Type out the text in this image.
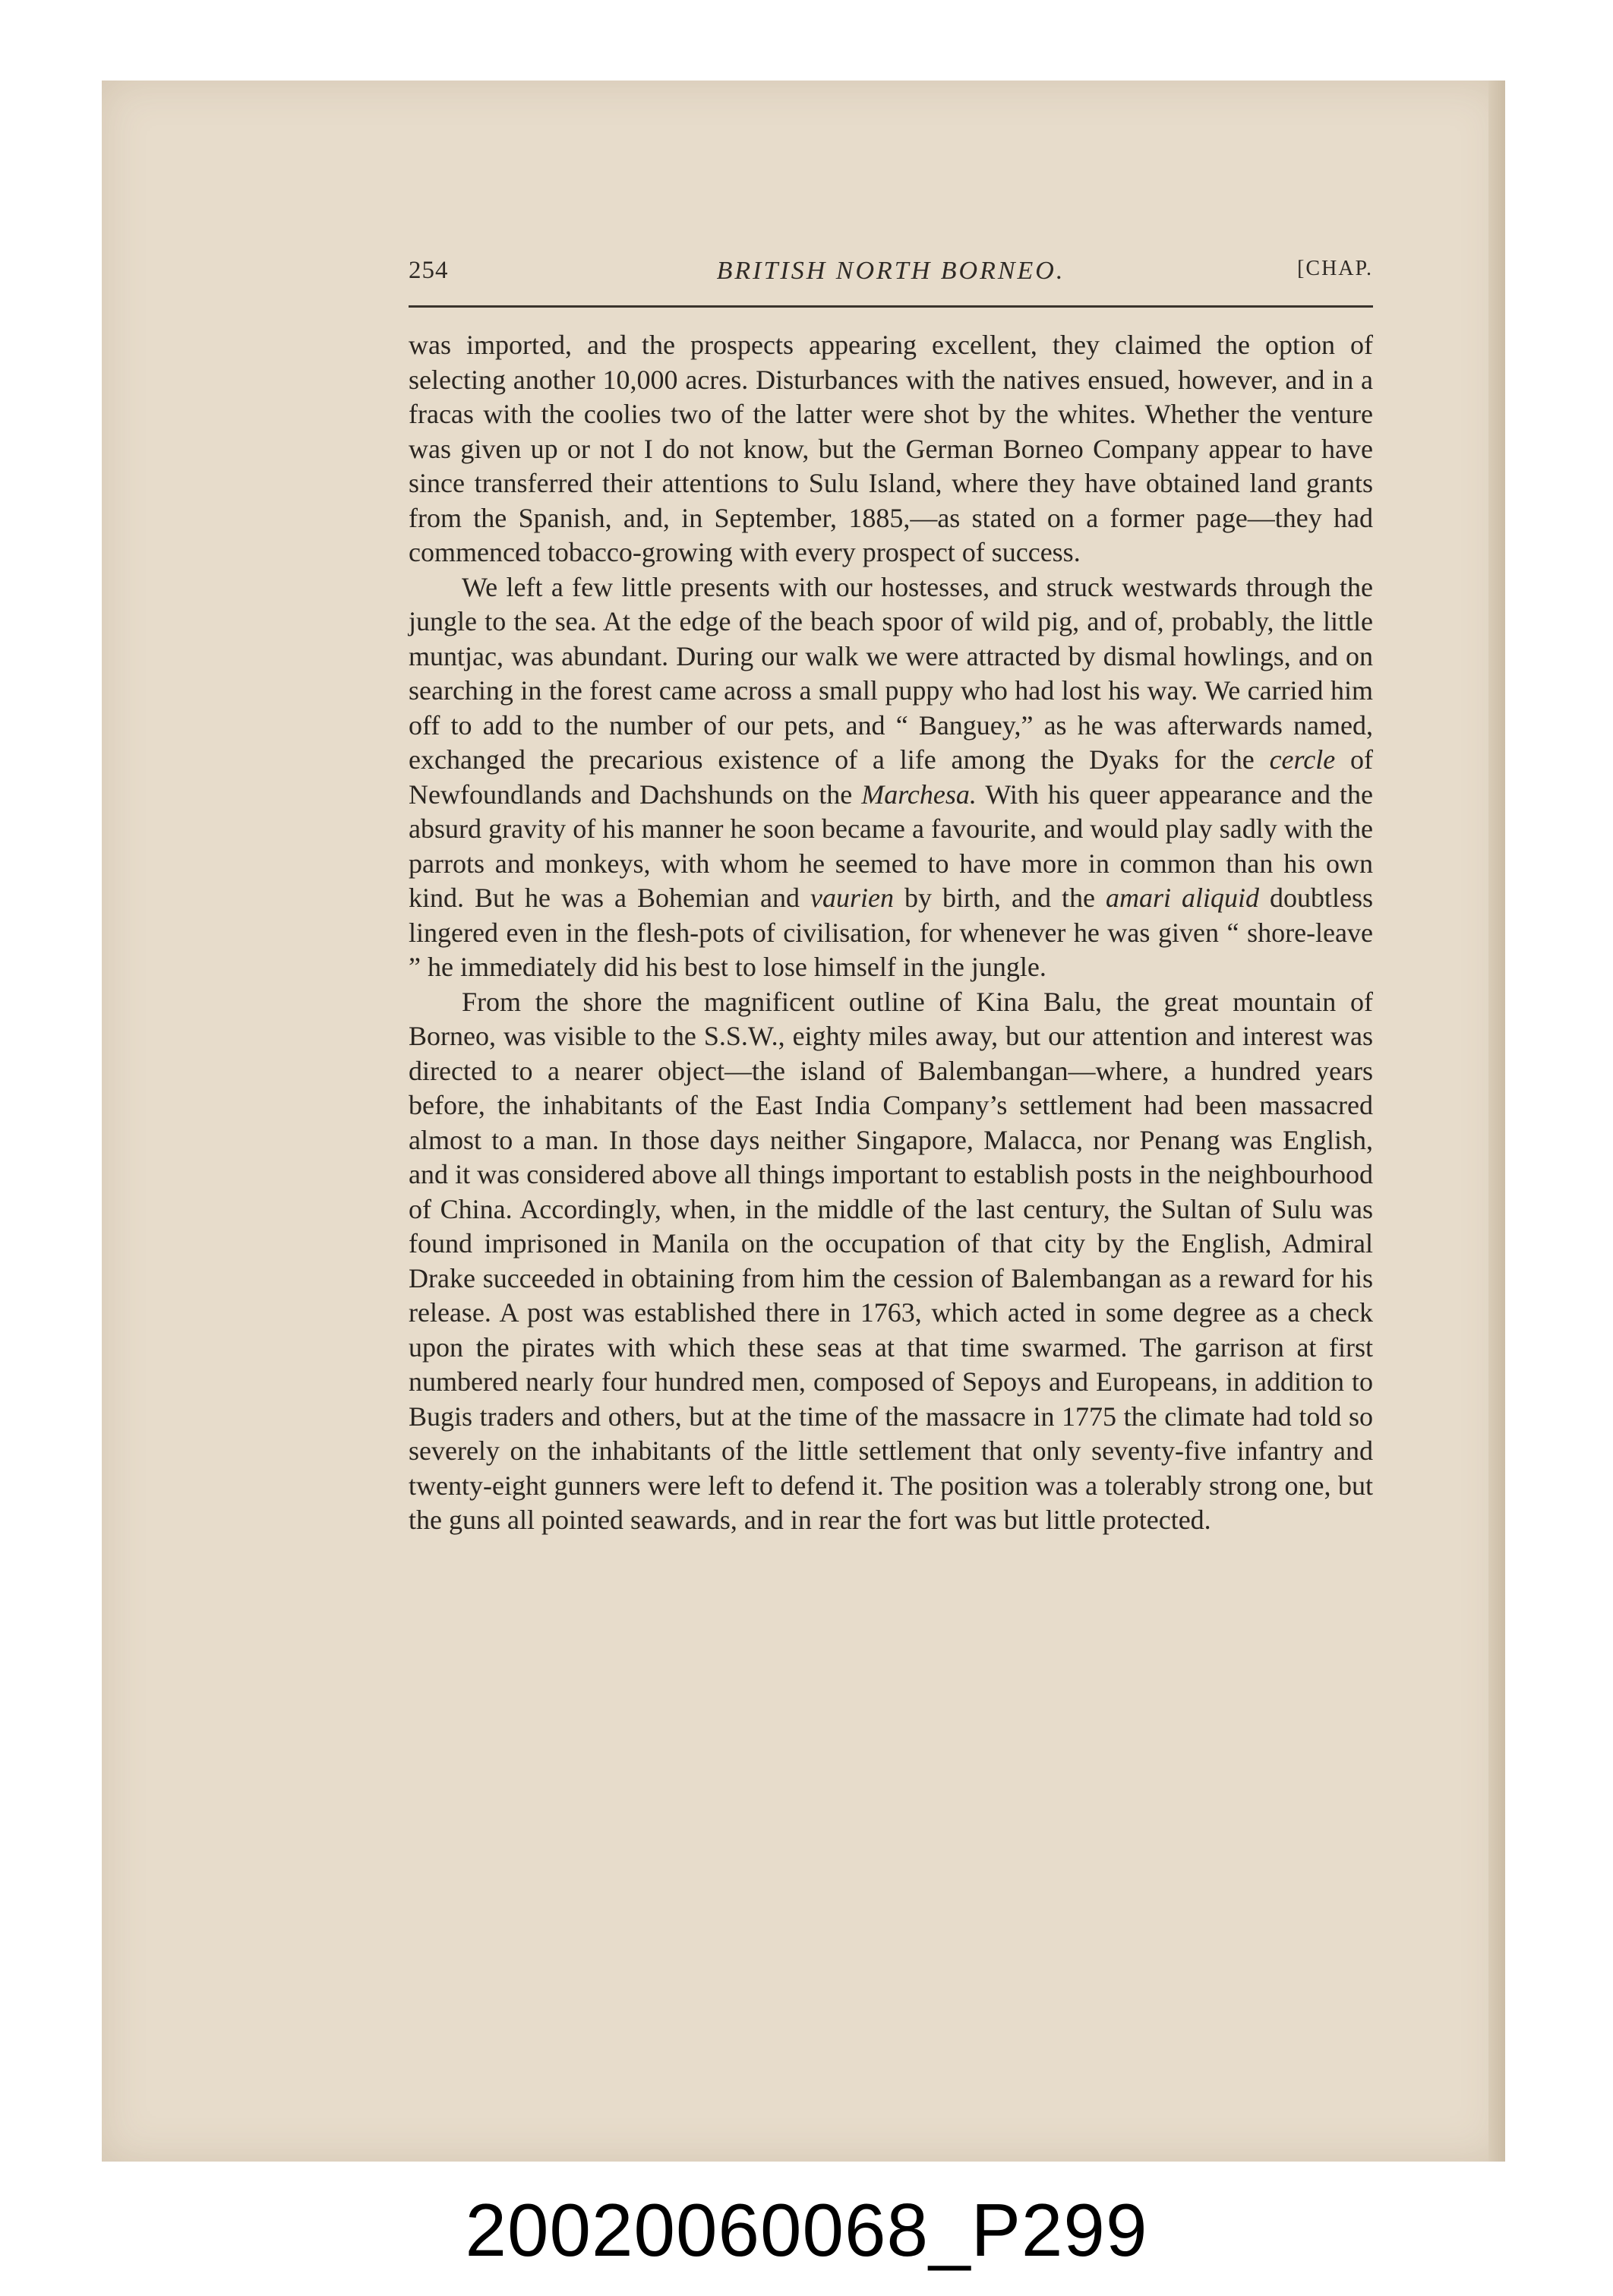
254	BRITISH NORTH BORNEO.	[CHAP.

was imported, and the prospects appearing excellent, they claimed the option of selecting another 10,000 acres. Disturbances with the natives ensued, however, and in a fracas with the coolies two of the latter were shot by the whites. Whether the venture was given up or not I do not know, but the German Borneo Company appear to have since transferred their attentions to Sulu Island, where they have obtained land grants from the Spanish, and, in September, 1885,—as stated on a former page—they had commenced tobacco-growing with every prospect of success.

We left a few little presents with our hostesses, and struck westwards through the jungle to the sea. At the edge of the beach spoor of wild pig, and of, probably, the little muntjac, was abundant. During our walk we were attracted by dismal howlings, and on searching in the forest came across a small puppy who had lost his way. We carried him off to add to the number of our pets, and “ Banguey,” as he was afterwards named, exchanged the precarious existence of a life among the Dyaks for the cercle of Newfoundlands and Dachshunds on the Marchesa. With his queer appearance and the absurd gravity of his manner he soon became a favourite, and would play sadly with the parrots and monkeys, with whom he seemed to have more in common than his own kind. But he was a Bohemian and vaurien by birth, and the amari aliquid doubtless lingered even in the flesh-pots of civilisation, for whenever he was given “ shore-leave ” he immediately did his best to lose himself in the jungle.

From the shore the magnificent outline of Kina Balu, the great mountain of Borneo, was visible to the S.S.W., eighty miles away, but our attention and interest was directed to a nearer object—the island of Balembangan—where, a hundred years before, the inhabitants of the East India Company’s settlement had been massacred almost to a man. In those days neither Singapore, Malacca, nor Penang was English, and it was considered above all things important to establish posts in the neighbourhood of China. Accordingly, when, in the middle of the last century, the Sultan of Sulu was found imprisoned in Manila on the occupation of that city by the English, Admiral Drake succeeded in obtaining from him the cession of Balembangan as a reward for his release. A post was established there in 1763, which acted in some degree as a check upon the pirates with which these seas at that time swarmed. The garrison at first numbered nearly four hundred men, composed of Sepoys and Europeans, in addition to Bugis traders and others, but at the time of the massacre in 1775 the climate had told so severely on the inhabitants of the little settlement that only seventy-five infantry and twenty-eight gunners were left to defend it. The position was a tolerably strong one, but the guns all pointed seawards, and in rear the fort was but little protected.

20020060068_P299
